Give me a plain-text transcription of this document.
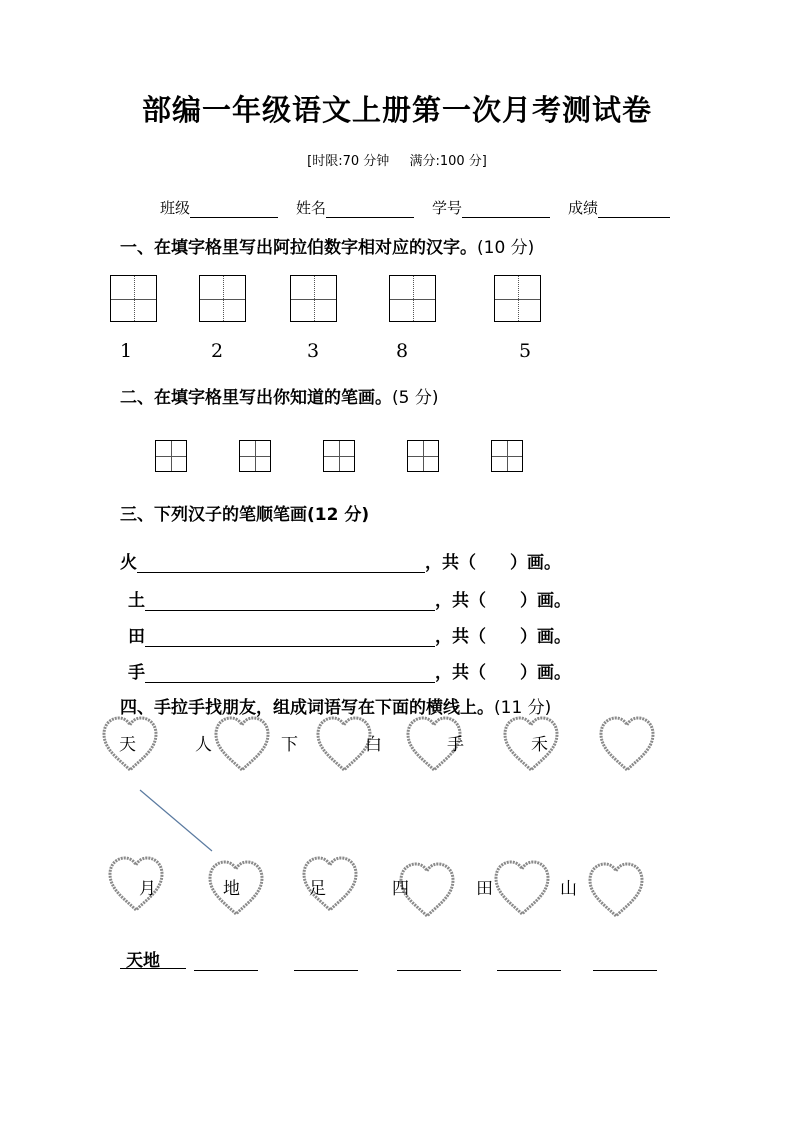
部编一年级语文上册第一次月考测试卷
[时限:70 分钟 满分:100 分]
班级	姓名	学号	成绩
一、在填字格里写出阿拉伯数字相对应的汉字。(10 分)
1	2	3	8	5
二、在填字格里写出你知道的笔画。(5 分)
三、下列汉子的笔顺笔画(12 分)
火	，共（　　）画。
土	，共（　　）画。
田	，共（　　）画。
手	，共（　　）画。
四、手拉手找朋友，组成词语写在下面的横线上。(11 分)
天	人	下	白	手	禾
月	地	足	四	田	山
天地
